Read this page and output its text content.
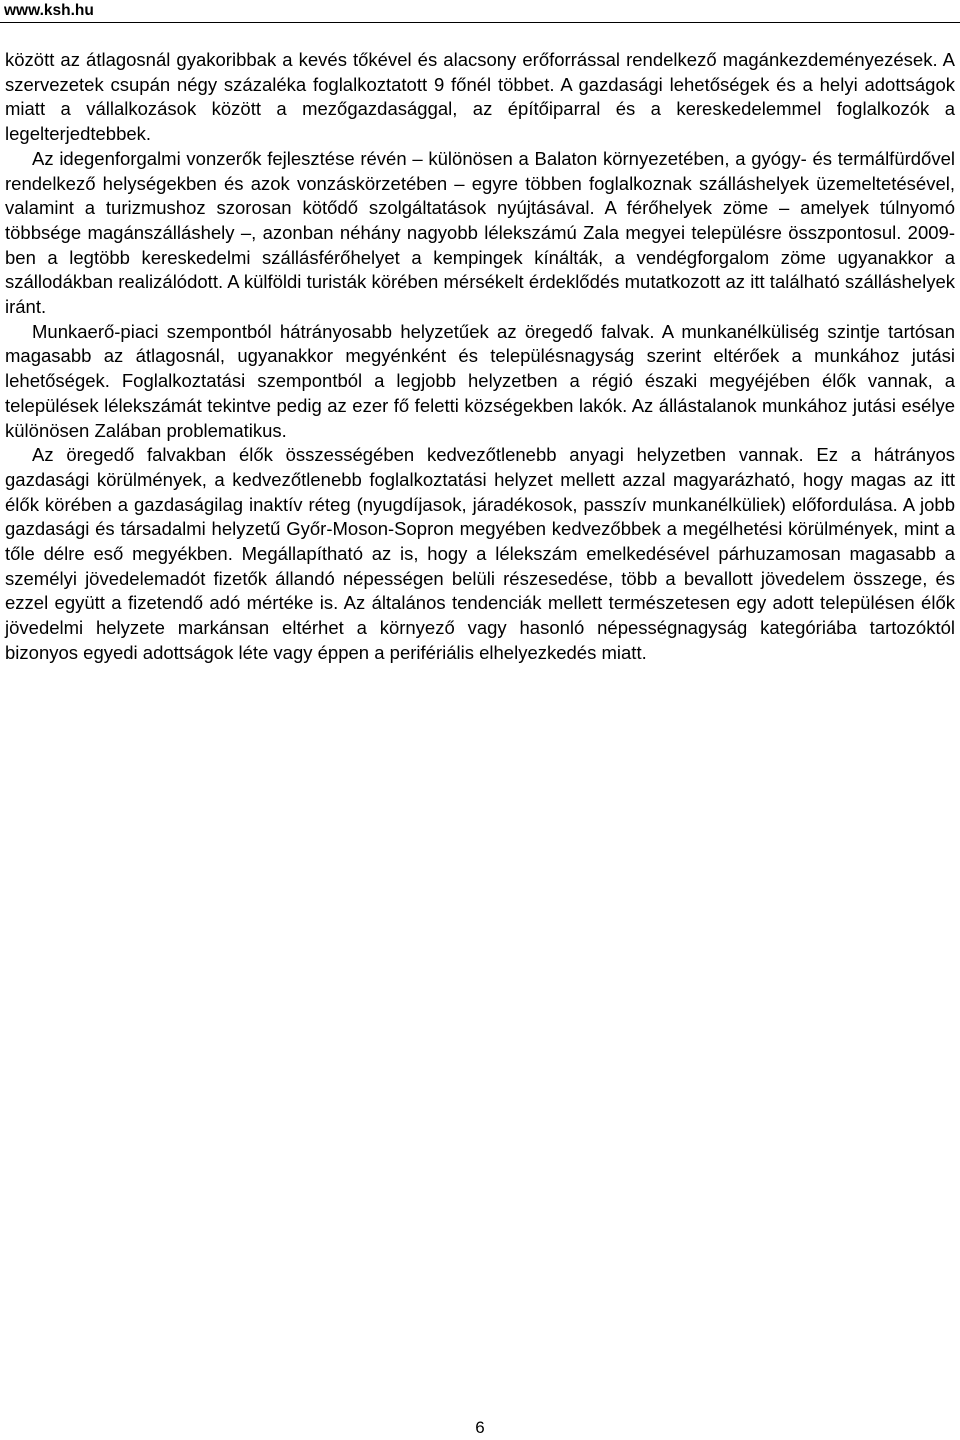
www.ksh.hu

között az átlagosnál gyakoribbak a kevés tőkével és alacsony erőforrással rendelkező magánkezdeményezések. A szervezetek csupán négy százaléka foglalkoztatott 9 főnél többet. A gazdasági lehetőségek és a helyi adottságok miatt a vállalkozások között a mezőgazdasággal, az építőiparral és a kereskedelemmel foglalkozók a legelterjedtebbek.

Az idegenforgalmi vonzerők fejlesztése révén – különösen a Balaton környezetében, a gyógy- és termálfürdővel rendelkező helységekben és azok vonzáskörzetében – egyre többen foglalkoznak szálláshelyek üzemeltetésével, valamint a turizmushoz szorosan kötődő szolgáltatások nyújtásával. A férőhelyek zöme – amelyek túlnyomó többsége magánszálláshely –, azonban néhány nagyobb lélekszámú Zala megyei településre összpontosul. 2009-ben a legtöbb kereskedelmi szállásférőhelyet a kempingek kínálták, a vendégforgalom zöme ugyanakkor a szállodákban realizálódott. A külföldi turisták körében mérsékelt érdeklődés mutatkozott az itt található szálláshelyek iránt.

Munkaerő-piaci szempontból hátrányosabb helyzetűek az öregedő falvak. A munkanélküliség szintje tartósan magasabb az átlagosnál, ugyanakkor megyénként és településnagyság szerint eltérőek a munkához jutási lehetőségek. Foglalkoztatási szempontból a legjobb helyzetben a régió északi megyéjében élők vannak, a települések lélekszámát tekintve pedig az ezer fő feletti községekben lakók. Az állástalanok munkához jutási esélye különösen Zalában problematikus.

Az öregedő falvakban élők összességében kedvezőtlenebb anyagi helyzetben vannak. Ez a hátrányos gazdasági körülmények, a kedvezőtlenebb foglalkoztatási helyzet mellett azzal magyarázható, hogy magas az itt élők körében a gazdaságilag inaktív réteg (nyugdíjasok, járadékosok, passzív munkanélküliek) előfordulása. A jobb gazdasági és társadalmi helyzetű Győr-Moson-Sopron megyében kedvezőbbek a megélhetési körülmények, mint a tőle délre eső megyékben. Megállapítható az is, hogy a lélekszám emelkedésével párhuzamosan magasabb a személyi jövedelemadót fizetők állandó népességen belüli részesedése, több a bevallott jövedelem összege, és ezzel együtt a fizetendő adó mértéke is. Az általános tendenciák mellett természetesen egy adott településen élők jövedelmi helyzete markánsan eltérhet a környező vagy hasonló népességnagyság kategóriába tartozóktól bizonyos egyedi adottságok léte vagy éppen a perifériális elhelyezkedés miatt.

6
